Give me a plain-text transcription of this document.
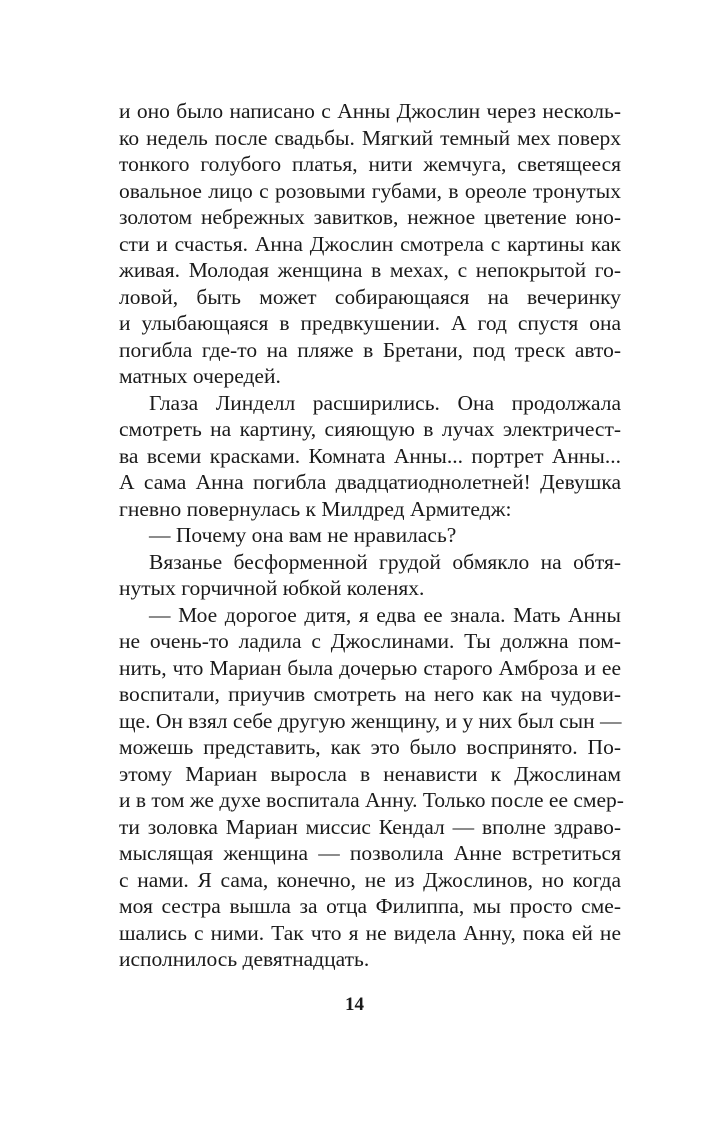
и оно было написано с Анны Джослин через несколь-
ко недель после свадьбы. Мягкий темный мех поверх
тонкого голубого платья, нити жемчуга, светящееся
овальное лицо с розовыми губами, в ореоле тронутых
золотом небрежных завитков, нежное цветение юно-
сти и счастья. Анна Джослин смотрела с картины как
живая. Молодая женщина в мехах, с непокрытой го-
ловой, быть может собирающаяся на вечеринку
и улыбающаяся в предвкушении. А год спустя она
погибла где-то на пляже в Бретани, под треск авто-
матных очередей.
Глаза Линделл расширились. Она продолжала
смотреть на картину, сияющую в лучах электричест-
ва всеми красками. Комната Анны... портрет Анны...
А сама Анна погибла двадцатиоднолетней! Девушка
гневно повернулась к Милдред Армитедж:
— Почему она вам не нравилась?
Вязанье бесформенной грудой обмякло на обтя-
нутых горчичной юбкой коленях.
— Мое дорогое дитя, я едва ее знала. Мать Анны
не очень-то ладила с Джослинами. Ты должна пом-
нить, что Мариан была дочерью старого Амброза и ее
воспитали, приучив смотреть на него как на чудови-
ще. Он взял себе другую женщину, и у них был сын —
можешь представить, как это было воспринято. По-
этому Мариан выросла в ненависти к Джослинам
и в том же духе воспитала Анну. Только после ее смер-
ти золовка Мариан миссис Кендал — вполне здраво-
мыслящая женщина — позволила Анне встретиться
с нами. Я сама, конечно, не из Джослинов, но когда
моя сестра вышла за отца Филиппа, мы просто сме-
шались с ними. Так что я не видела Анну, пока ей не
исполнилось девятнадцать.
14
